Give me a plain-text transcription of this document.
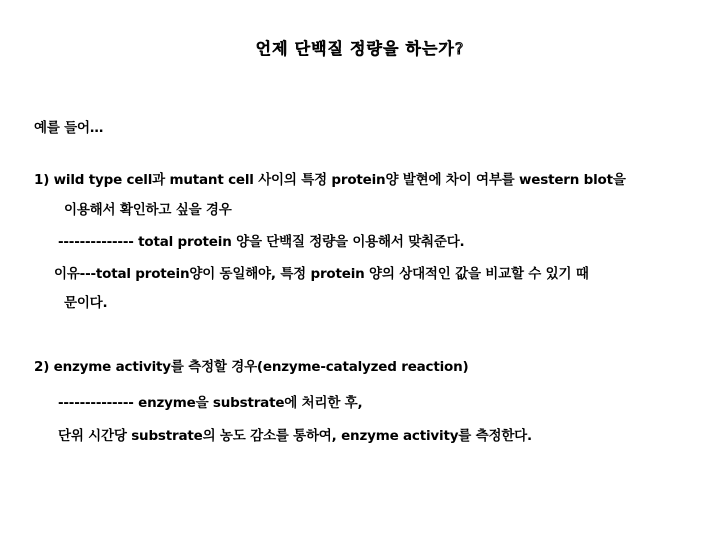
언제 단백질 정량을 하는가?
예를 들어…
1) wild type cell과 mutant cell 사이의 특정 protein양 발현에 차이 여부를 western blot을
이용해서 확인하고 싶을 경우
-------------- total protein 양을 단백질 정량을 이용해서 맞춰준다.
이유---total protein양이 동일해야, 특정 protein 양의 상대적인 값을 비교할 수 있기 때
문이다.
2) enzyme activity를 측정할 경우(enzyme-catalyzed reaction)
-------------- enzyme을 substrate에 처리한 후,
단위 시간당 substrate의 농도 감소를 통하여, enzyme activity를 측정한다.
